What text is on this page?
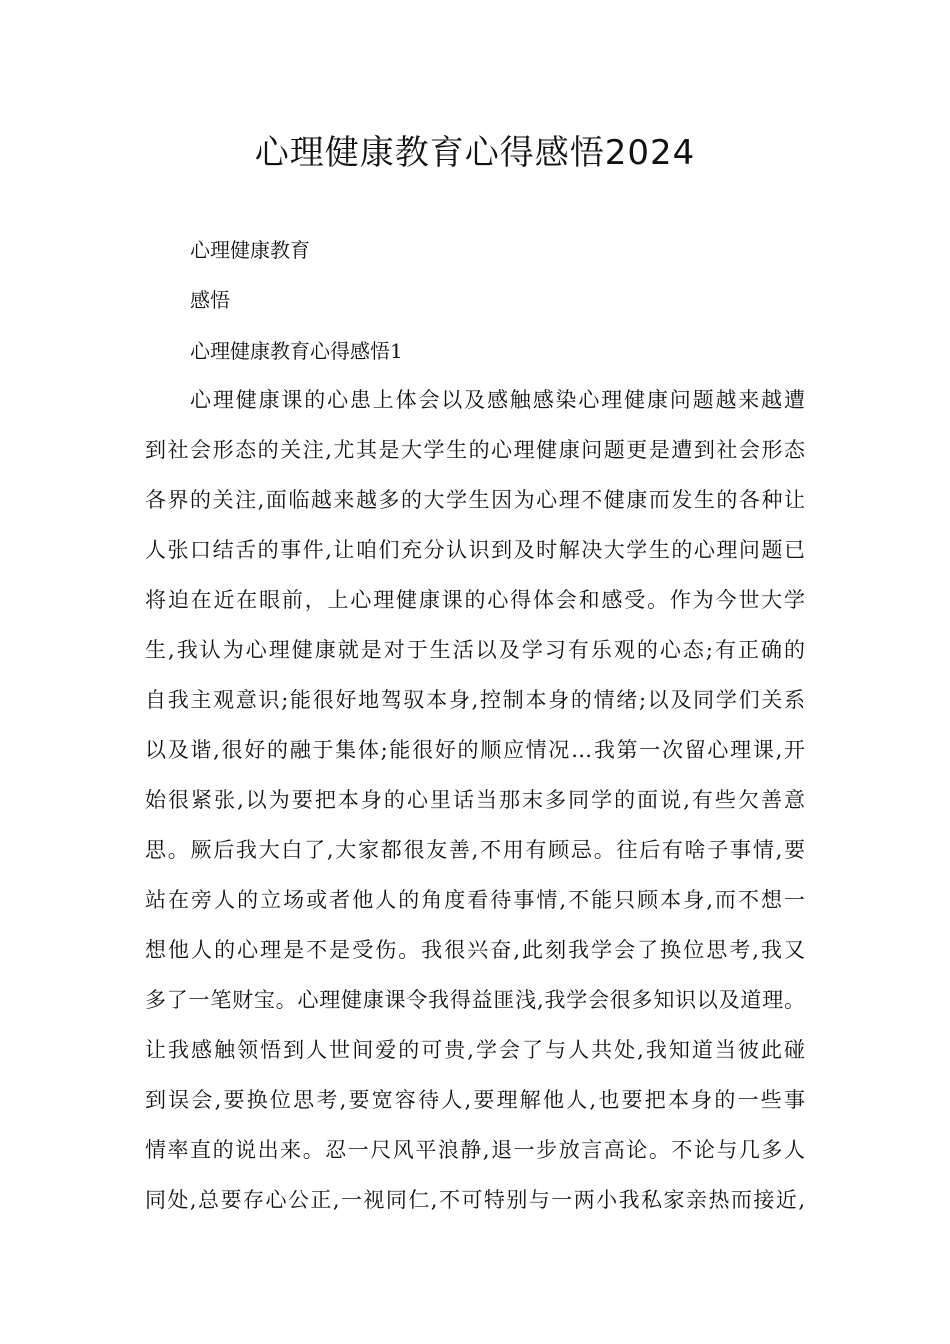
心理健康教育心得感悟2024

心理健康教育

感悟

心理健康教育心得感悟1

心理健康课的心患上体会以及感触感染心理健康问题越来越遭
到社会形态的关注,尤其是大学生的心理健康问题更是遭到社会形态
各界的关注,面临越来越多的大学生因为心理不健康而发生的各种让
人张口结舌的事件,让咱们充分认识到及时解决大学生的心理问题已
将迫在近在眼前，上心理健康课的心得体会和感受。作为今世大学
生,我认为心理健康就是对于生活以及学习有乐观的心态;有正确的
自我主观意识;能很好地驾驭本身,控制本身的情绪;以及同学们关系
以及谐,很好的融于集体;能很好的顺应情况…我第一次留心理课,开
始很紧张,以为要把本身的心里话当那末多同学的面说,有些欠善意
思。厥后我大白了,大家都很友善,不用有顾忌。往后有啥子事情,要
站在旁人的立场或者他人的角度看待事情,不能只顾本身,而不想一
想他人的心理是不是受伤。我很兴奋,此刻我学会了换位思考,我又
多了一笔财宝。心理健康课令我得益匪浅,我学会很多知识以及道理。
让我感触领悟到人世间爱的可贵,学会了与人共处,我知道当彼此碰
到误会,要换位思考,要宽容待人,要理解他人,也要把本身的一些事
情率直的说出来。忍一尺风平浪静,退一步放言高论。不论与几多人
同处,总要存心公正,一视同仁,不可特别与一两小我私家亲热而接近,
